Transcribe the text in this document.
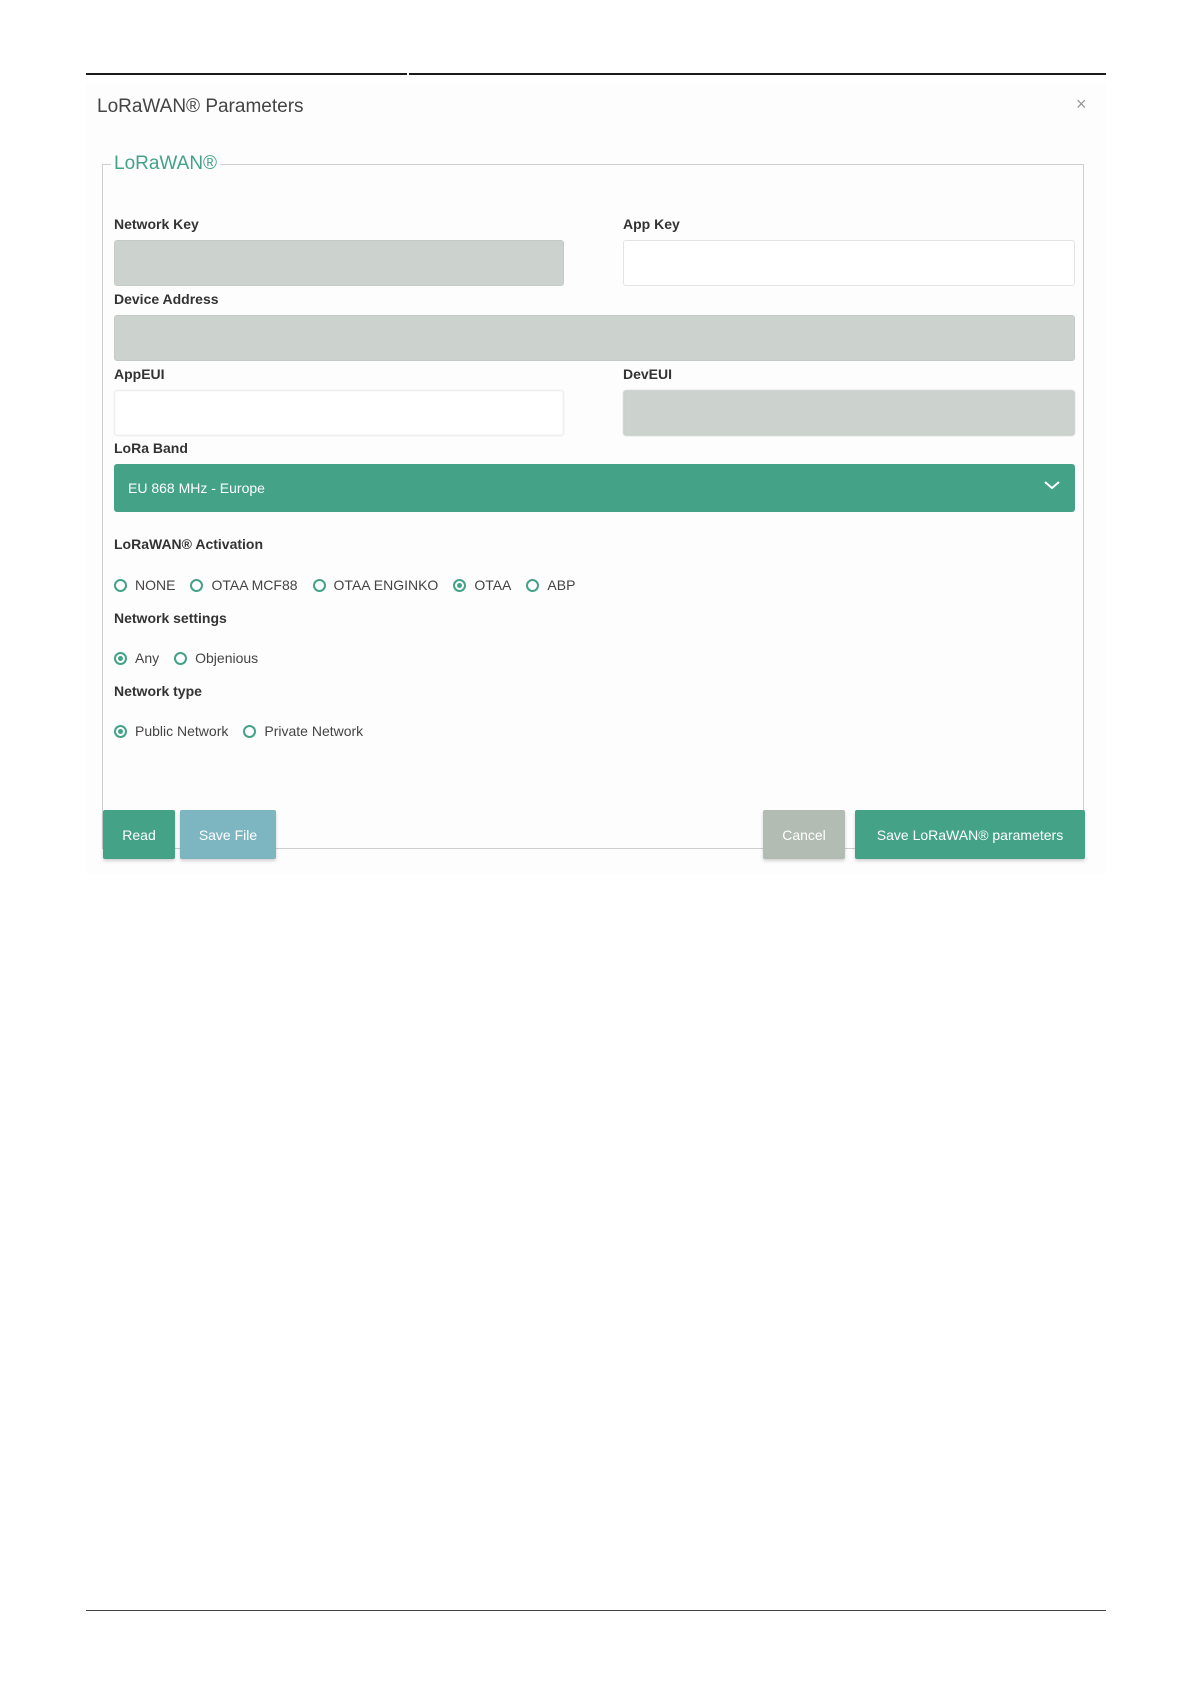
LoRaWAN® Parameters	×
LoRaWAN®
Network Key	App Key
Device Address
AppEUI	DevEUI
LoRa Band
EU 868 MHz - Europe
LoRaWAN® Activation
NONE	OTAA MCF88	OTAA ENGINKO	OTAA	ABP
Network settings
Any	Objenious
Network type
Public Network	Private Network
Read	Save File	Cancel	Save LoRaWAN® parameters
